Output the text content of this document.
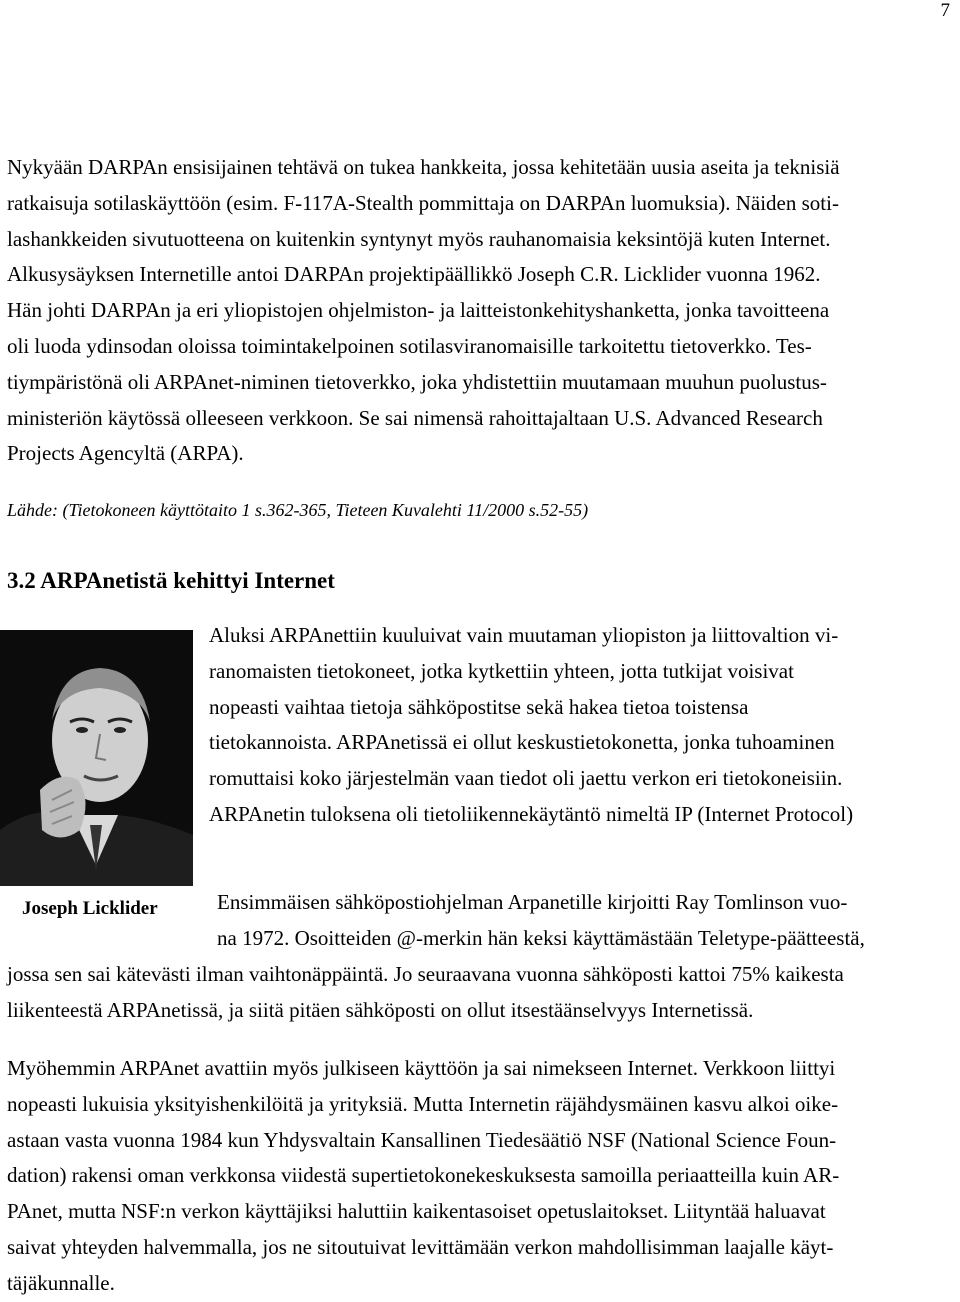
7

Nykyään DARPAn ensisijainen tehtävä on tukea hankkeita, jossa kehitetään uusia aseita ja teknisiä
ratkaisuja sotilaskäyttöön (esim. F-117A-Stealth pommittaja on DARPAn luomuksia). Näiden soti-
lashankkeiden sivutuotteena on kuitenkin syntynyt myös rauhanomaisia keksintöjä kuten Internet.
Alkusysäyksen Internetille antoi DARPAn projektipäällikkö Joseph C.R. Licklider vuonna 1962.
Hän johti DARPAn ja eri yliopistojen ohjelmiston- ja laitteistonkehityshanketta, jonka tavoitteena
oli luoda ydinsodan oloissa toimintakelpoinen sotilasviranomaisille tarkoitettu tietoverkko. Tes-
tiympäristönä oli ARPAnet-niminen tietoverkko, joka yhdistettiin muutamaan muuhun puolustus-
ministeriön käytössä olleeseen verkkoon. Se sai nimensä rahoittajaltaan U.S. Advanced Research
Projects Agencyltä (ARPA).

Lähde: (Tietokoneen käyttötaito 1 s.362-365, Tieteen Kuvalehti 11/2000 s.52-55)

3.2 ARPAnetistä kehittyi Internet

Joseph Licklider

Aluksi ARPAnettiin kuuluivat vain muutaman yliopiston ja liittovaltion vi-
ranomaisten tietokoneet, jotka kytkettiin yhteen, jotta tutkijat voisivat
nopeasti vaihtaa tietoja sähköpostitse sekä hakea tietoa toistensa
tietokannoista. ARPAnetissä ei ollut keskustietokonetta, jonka tuhoaminen
romuttaisi koko järjestelmän vaan tiedot oli jaettu verkon eri tietokoneisiin.
ARPAnetin tuloksena oli tietoliikennekäytäntö nimeltä IP (Internet Protocol)

Ensimmäisen sähköpostiohjelman Arpanetille kirjoitti Ray Tomlinson vuo-
na 1972. Osoitteiden @-merkin hän keksi käyttämästään Teletype-päätteestä,

jossa sen sai kätevästi ilman vaihtonäppäintä. Jo seuraavana vuonna sähköposti kattoi 75% kaikesta
liikenteestä ARPAnetissä, ja siitä pitäen sähköposti on ollut itsestäänselvyys Internetissä.

Myöhemmin ARPAnet avattiin myös julkiseen käyttöön ja sai nimekseen Internet. Verkkoon liittyi
nopeasti lukuisia yksityishenkilöitä ja yrityksiä. Mutta Internetin räjähdysmäinen kasvu alkoi oike-
astaan vasta vuonna 1984 kun Yhdysvaltain Kansallinen Tiedesäätiö NSF (National Science Foun-
dation) rakensi oman verkkonsa viidestä supertietokonekeskuksesta samoilla periaatteilla kuin AR-
PAnet, mutta NSF:n verkon käyttäjiksi haluttiin kaikentasoiset opetuslaitokset. Liityntää haluavat
saivat yhteyden halvemmalla, jos ne sitoutuivat levittämään verkon mahdollisimman laajalle käyt-
täjäkunnalle.
